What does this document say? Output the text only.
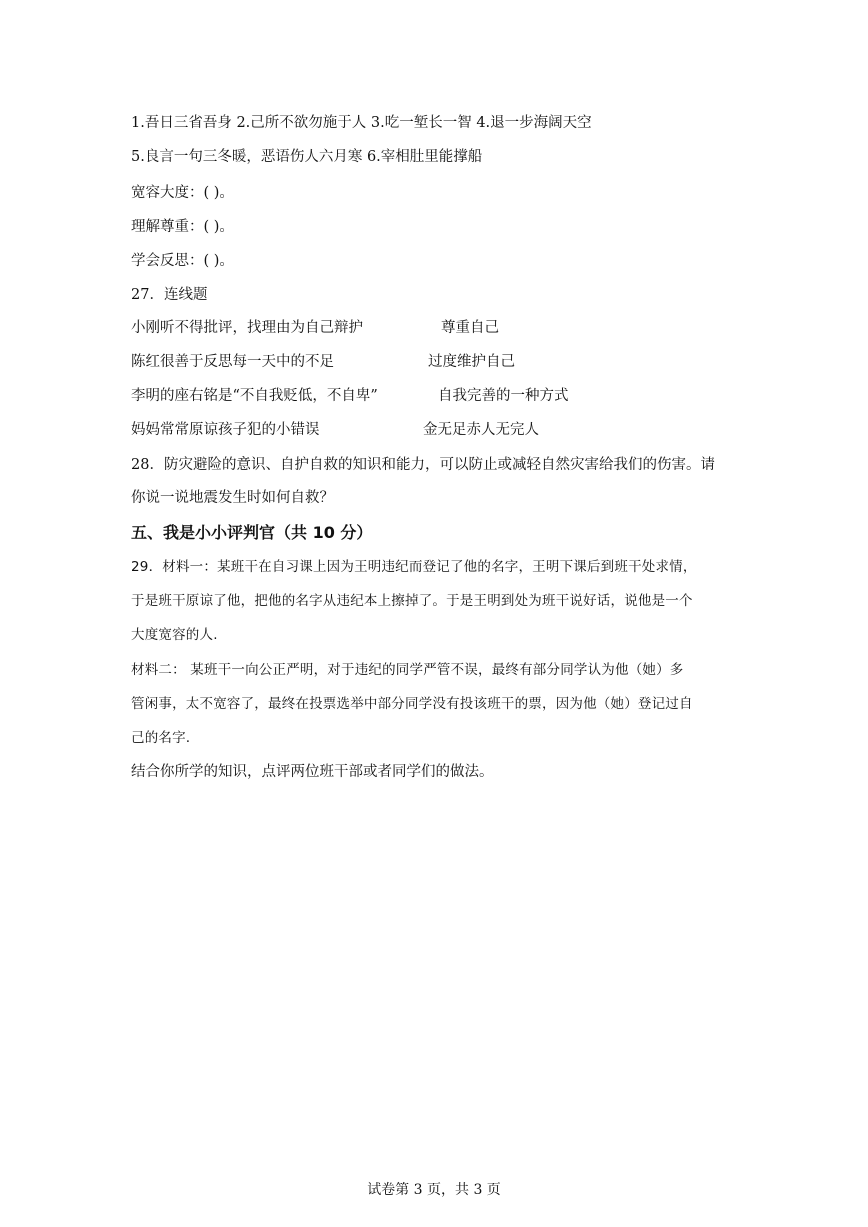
1.吾日三省吾身 2.己所不欲勿施于人 3.吃一堑长一智 4.退一步海阔天空
5.良言一句三冬暖，恶语伤人六月寒 6.宰相肚里能撑船
宽容大度：( )。
理解尊重：( )。
学会反思：( )。
27．连线题
小刚听不得批评，找理由为自己辩护	尊重自己
陈红很善于反思每一天中的不足	过度维护自己
李明的座右铭是“不自我贬低，不自卑”	自我完善的一种方式
妈妈常常原谅孩子犯的小错误	金无足赤人无完人
28．防灾避险的意识、自护自救的知识和能力，可以防止或减轻自然灾害给我们的伤害。请
你说一说地震发生时如何自救？
五、我是小小评判官（共 10 分）
29．材料一：某班干在自习课上因为王明违纪而登记了他的名字，王明下课后到班干处求情，
于是班干原谅了他，把他的名字从违纪本上擦掉了。于是王明到处为班干说好话，说他是一个
大度宽容的人.
材料二： 某班干一向公正严明，对于违纪的同学严管不误，最终有部分同学认为他（她）多
管闲事，太不宽容了，最终在投票选举中部分同学没有投该班干的票，因为他（她）登记过自
己的名字.
结合你所学的知识，点评两位班干部或者同学们的做法。
试卷第 3 页，共 3 页
